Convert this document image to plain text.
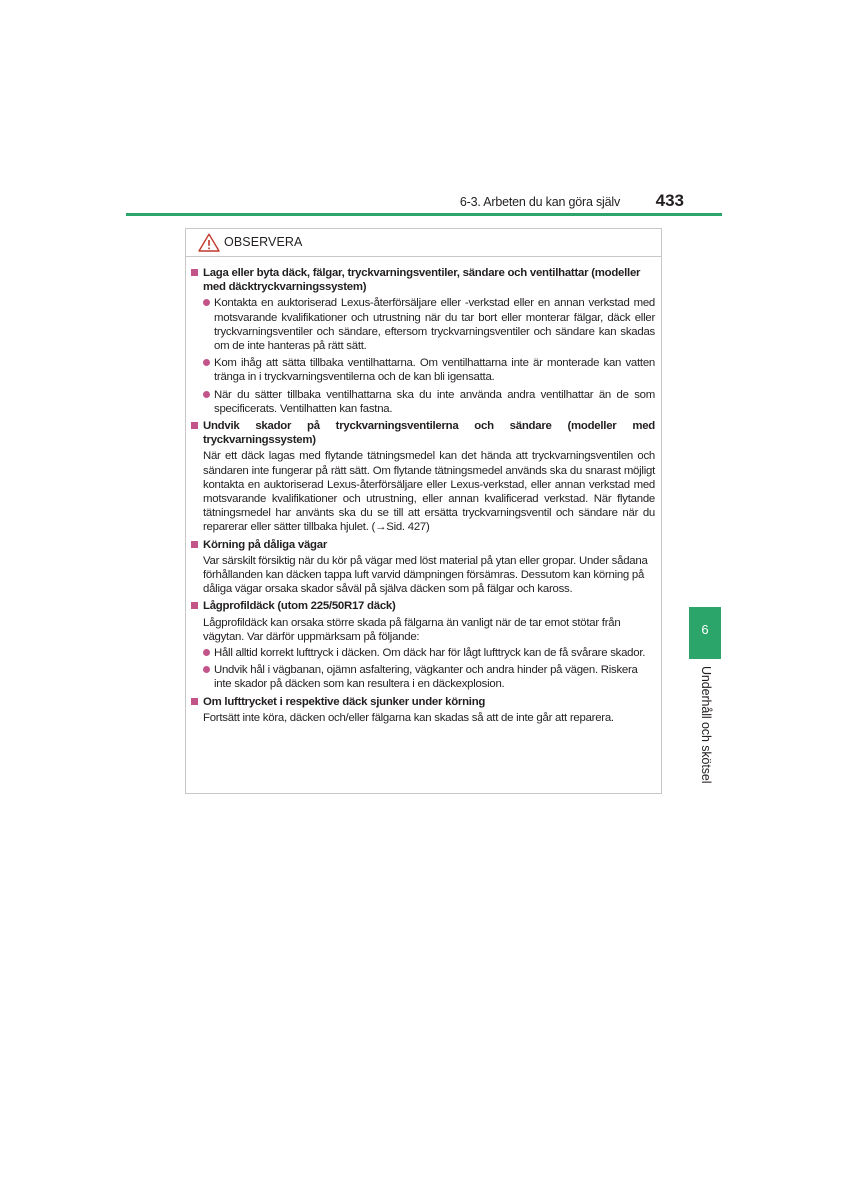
6-3. Arbeten du kan göra själv 433
6
Underhåll och skötsel
OBSERVERA
Laga eller byta däck, fälgar, tryckvarningsventiler, sändare och ventilhattar (modeller med däcktryckvarningssystem)
Kontakta en auktoriserad Lexus-återförsäljare eller -verkstad eller en annan verkstad med motsvarande kvalifikationer och utrustning när du tar bort eller monterar fälgar, däck eller tryckvarningsventiler och sändare, eftersom tryckvarningsventiler och sändare kan skadas om de inte hanteras på rätt sätt.
Kom ihåg att sätta tillbaka ventilhattarna. Om ventilhattarna inte är monterade kan vatten tränga in i tryckvarningsventilerna och de kan bli igensatta.
När du sätter tillbaka ventilhattarna ska du inte använda andra ventilhattar än de som specificerats. Ventilhatten kan fastna.
Undvik skador på tryckvarningsventilerna och sändare (modeller med tryckvarningssystem)
När ett däck lagas med flytande tätningsmedel kan det hända att tryckvarningsventilen och sändaren inte fungerar på rätt sätt. Om flytande tätningsmedel används ska du snarast möjligt kontakta en auktoriserad Lexus-återförsäljare eller Lexus-verkstad, eller annan verkstad med motsvarande kvalifikationer och utrustning, eller annan kvalificerad verkstad. När flytande tätningsmedel har använts ska du se till att ersätta tryckvarningsventil och sändare när du reparerar eller sätter tillbaka hjulet. (→Sid. 427)
Körning på dåliga vägar
Var särskilt försiktig när du kör på vägar med löst material på ytan eller gropar. Under sådana förhållanden kan däcken tappa luft varvid dämpningen försämras. Dessutom kan körning på dåliga vägar orsaka skador såväl på själva däcken som på fälgar och kaross.
Lågprofildäck (utom 225/50R17 däck)
Lågprofildäck kan orsaka större skada på fälgarna än vanligt när de tar emot stötar från vägytan. Var därför uppmärksam på följande:
Håll alltid korrekt lufttryck i däcken. Om däck har för lågt lufttryck kan de få svårare skador.
Undvik hål i vägbanan, ojämn asfaltering, vägkanter och andra hinder på vägen. Riskera inte skador på däcken som kan resultera i en däckexplosion.
Om lufttrycket i respektive däck sjunker under körning
Fortsätt inte köra, däcken och/eller fälgarna kan skadas så att de inte går att reparera.
